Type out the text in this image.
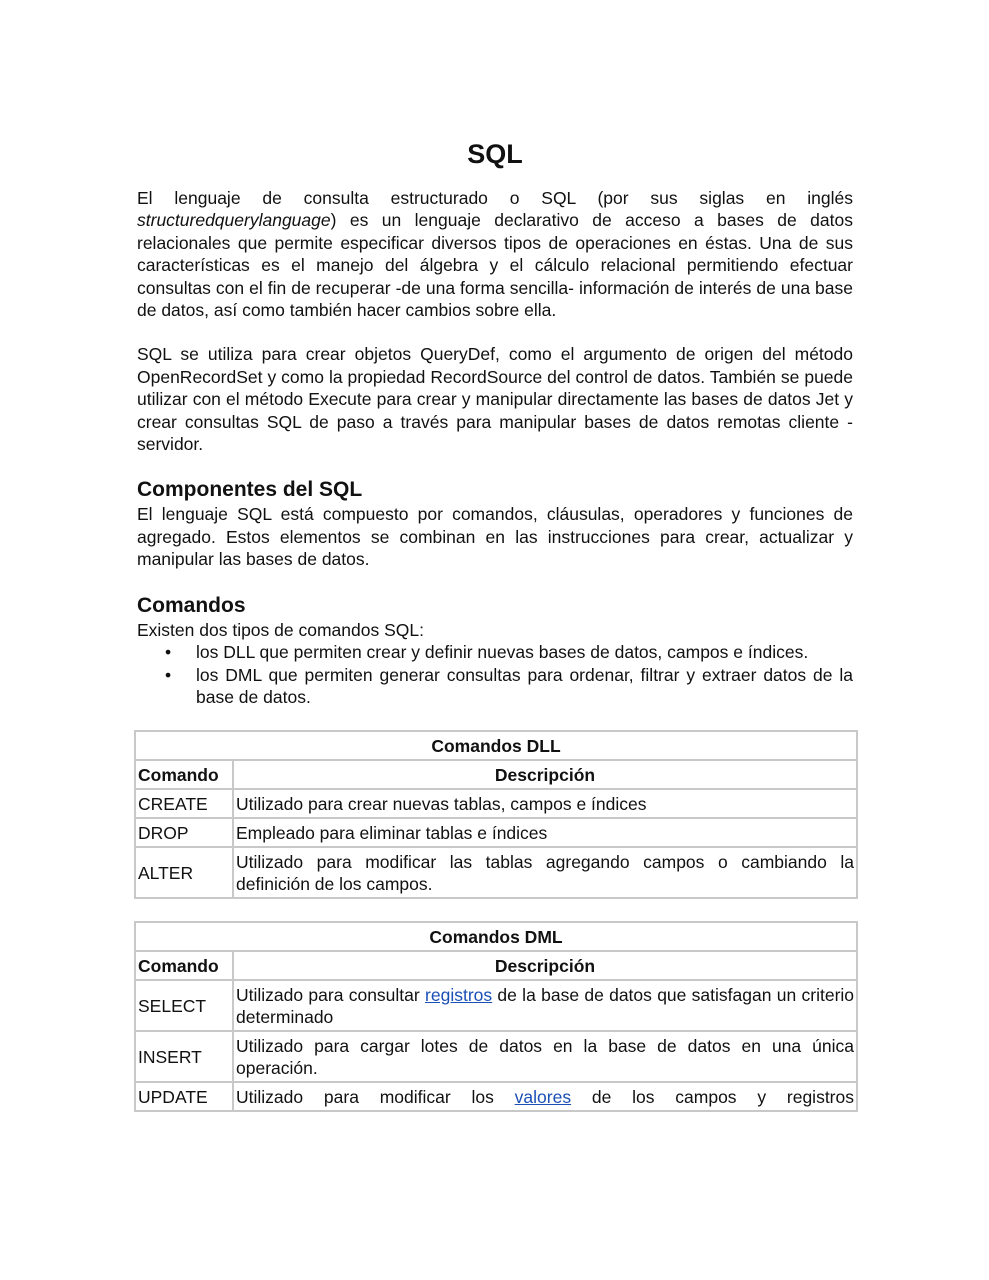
SQL

El lenguaje de consulta estructurado o SQL (por sus siglas en inglés structuredquerylanguage) es un lenguaje declarativo de acceso a bases de datos relacionales que permite especificar diversos tipos de operaciones en éstas. Una de sus características es el manejo del álgebra y el cálculo relacional permitiendo efectuar consultas con el fin de recuperar -de una forma sencilla- información de interés de una base de datos, así como también hacer cambios sobre ella.

SQL se utiliza para crear objetos QueryDef, como el argumento de origen del método OpenRecordSet y como la propiedad RecordSource del control de datos. También se puede utilizar con el método Execute para crear y manipular directamente las bases de datos Jet y crear consultas SQL de paso a través para manipular bases de datos remotas cliente - servidor.

Componentes del SQL

El lenguaje SQL está compuesto por comandos, cláusulas, operadores y funciones de agregado. Estos elementos se combinan en las instrucciones para crear, actualizar y manipular las bases de datos.

Comandos
Existen dos tipos de comandos SQL:
• los DLL que permiten crear y definir nuevas bases de datos, campos e índices.
• los DML que permiten generar consultas para ordenar, filtrar y extraer datos de la base de datos.
Comandos DLL	
Comando	Descripción
CREATE	Utilizado para crear nuevas tablas, campos e índices
DROP	Empleado para eliminar tablas e índices
ALTER	Utilizado para modificar las tablas agregando campos o cambiando la definición de los campos.
Comandos DML	
Comando	Descripción
SELECT	Utilizado para consultar registros de la base de datos que satisfagan un criterio determinado
INSERT	Utilizado para cargar lotes de datos en la base de datos en una única operación.
UPDATE	Utilizado para modificar los valores de los campos y registros
